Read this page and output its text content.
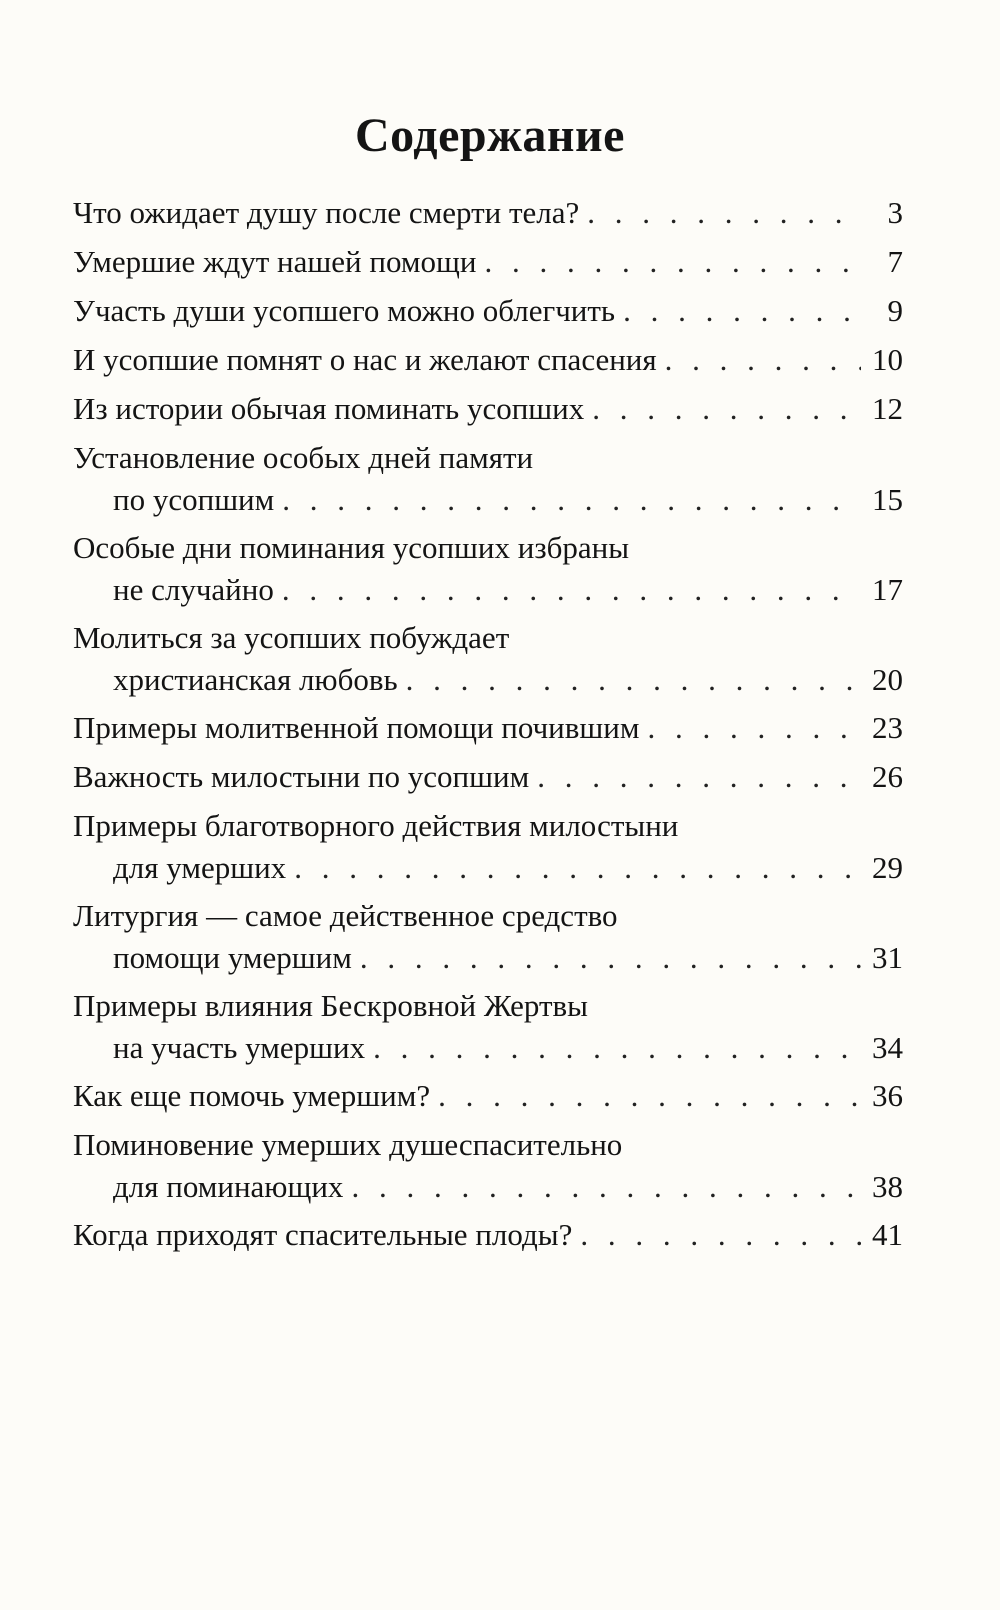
Содержание
Что ожидает душу после смерти тела? . . .	3
Умершие ждут нашей помощи . . .	7
Участь души усопшего можно облегчить . . .	9
И усопшие помнят о нас и желают спасения . . .	10
Из истории обычая поминать усопших . . .	12
Установление особых дней памяти
по усопшим . . .	15
Особые дни поминания усопших избраны
не случайно . . .	17
Молиться за усопших побуждает
христианская любовь . . .	20
Примеры молитвенной помощи почившим . . .	23
Важность милостыни по усопшим . . .	26
Примеры благотворного действия милостыни
для умерших . . .	29
Литургия — самое действенное средство
помощи умершим . . .	31
Примеры влияния Бескровной Жертвы
на участь умерших . . .	34
Как еще помочь умершим? . . .	36
Поминовение умерших душеспасительно
для поминающих . . .	38
Когда приходят спасительные плоды? . . .	41
